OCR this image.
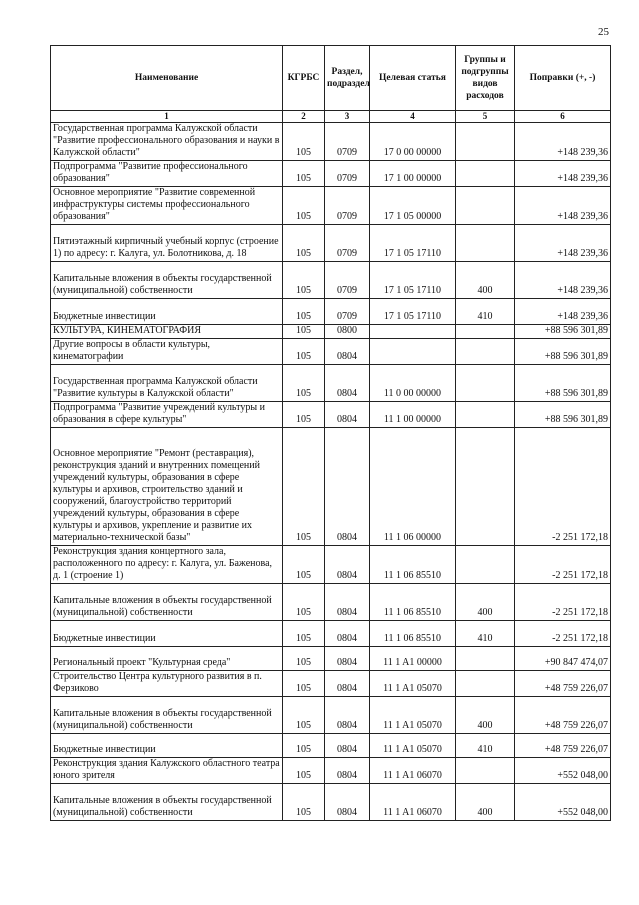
25
Наименование	КГРБС	Раздел, подраздел	Целевая статья	Группы и подгруппы видов расходов	Поправки (+, -)
1	2	3	4	5	6
Государственная программа Калужской области "Развитие профессионального образования и науки в Калужской области"	105	0709	17 0 00 00000		+148 239,36
Подпрограмма "Развитие профессионального образования"	105	0709	17 1 00 00000		+148 239,36
Основное мероприятие "Развитие современной инфраструктуры системы профессионального образования"	105	0709	17 1 05 00000		+148 239,36
Пятиэтажный кирпичный учебный корпус (строение 1) по адресу: г. Калуга, ул. Болотникова, д. 18	105	0709	17 1 05 17110		+148 239,36
Капитальные вложения в объекты государственной (муниципальной) собственности	105	0709	17 1 05 17110	400	+148 239,36
Бюджетные инвестиции	105	0709	17 1 05 17110	410	+148 239,36
КУЛЬТУРА, КИНЕМАТОГРАФИЯ	105	0800			+88 596 301,89
Другие вопросы в области культуры, кинематографии	105	0804			+88 596 301,89
Государственная программа Калужской области "Развитие культуры в Калужской области"	105	0804	11 0 00 00000		+88 596 301,89
Подпрограмма "Развитие учреждений культуры и образования в сфере культуры"	105	0804	11 1 00 00000		+88 596 301,89
Основное мероприятие "Ремонт (реставрация), реконструкция зданий и внутренних помещений учреждений культуры, образования в сфере культуры и архивов, строительство зданий и сооружений, благоустройство территорий учреждений культуры, образования в сфере культуры и архивов, укрепление и развитие их материально-технической базы"	105	0804	11 1 06 00000		-2 251 172,18
Реконструкция здания концертного зала, расположенного по адресу: г. Калуга, ул. Баженова, д. 1 (строение 1)	105	0804	11 1 06 85510		-2 251 172,18
Капитальные вложения в объекты государственной (муниципальной) собственности	105	0804	11 1 06 85510	400	-2 251 172,18
Бюджетные инвестиции	105	0804	11 1 06 85510	410	-2 251 172,18
Региональный проект "Культурная среда"	105	0804	11 1 A1 00000		+90 847 474,07
Строительство Центра культурного развития в п. Ферзиково	105	0804	11 1 A1 05070		+48 759 226,07
Капитальные вложения в объекты государственной (муниципальной) собственности	105	0804	11 1 A1 05070	400	+48 759 226,07
Бюджетные инвестиции	105	0804	11 1 A1 05070	410	+48 759 226,07
Реконструкция здания Калужского областного театра юного зрителя	105	0804	11 1 A1 06070		+552 048,00
Капитальные вложения в объекты государственной (муниципальной) собственности	105	0804	11 1 A1 06070	400	+552 048,00
